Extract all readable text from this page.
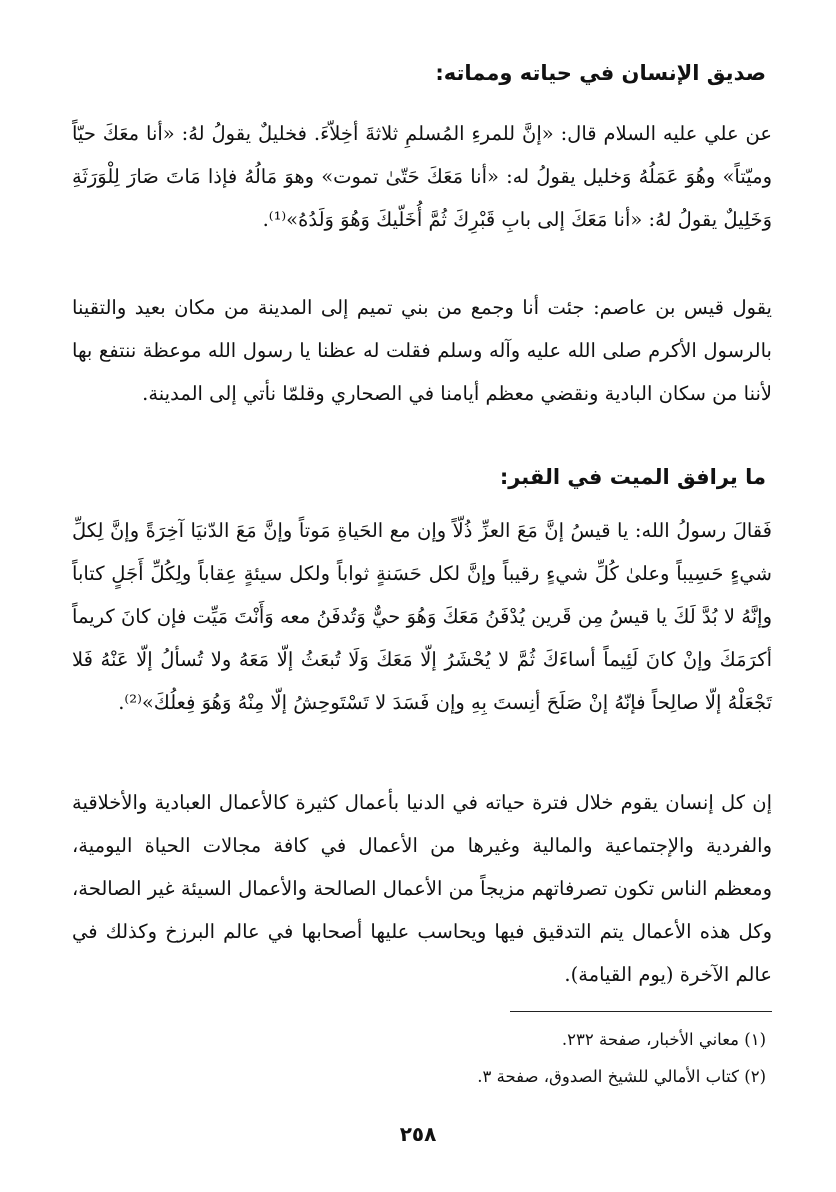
صديق الإنسان في حياته ومماته:
عن علي عليه السلام قال: «إنَّ للمرءِ المُسلمِ ثلاثةَ أخِلاّءَ. فخليلٌ يقولُ لهُ: «أنا معَكَ حيّاً وميّتاً» وهُوَ عَمَلُهُ وَخليل يقولُ له: «أنا مَعَكَ حَتّىٰ تموت» وهوَ مَالُهُ فإذا مَاتَ صَارَ لِلْوَرَثَةِ وَخَلِيلٌ يقولُ لهُ: «أنا مَعَكَ إلى بابِ قَبْرِكَ ثُمَّ أُخَلّيكَ وَهُوَ وَلَدُهُ»⁽¹⁾.
يقول قيس بن عاصم: جئت أنا وجمع من بني تميم إلى المدينة من مكان بعيد والتقينا بالرسول الأكرم صلى الله عليه وآله وسلم فقلت له عظنا يا رسول الله موعظة ننتفع بها لأننا من سكان البادية ونقضي معظم أيامنا في الصحاري وقلمّا نأتي إلى المدينة.
ما يرافق الميت في القبر:
فَقالَ رسولُ الله: يا قيسُ إنَّ مَعَ العزِّ ذُلّاً وإن مع الحَياةِ مَوتاً وإنَّ مَعَ الدّنيَا آخِرَةً وإنَّ لِكلِّ شيءٍ حَسِيباً وعلىٰ كُلِّ شيءٍ رقيباً وإنَّ لكل حَسَنةٍ ثواباً ولكل سيئةٍ عِقاباً ولِكُلِّ أَجَلٍ كتاباً وإنَّهُ لا بُدَّ لَكَ يا قيسُ مِن قَرين يُدْفَنُ مَعَكَ وَهُوَ حيٌّ وَتُدفَنُ معه وَأَنْتَ مَيِّت فإن كانَ كريماً أكرَمَكَ وإنْ كانَ لَئِيماً أساءَكَ ثُمَّ لا يُحْشَرُ إلّا مَعَكَ وَلَا تُبعَثُ إلّا مَعَهُ ولا تُسألُ إلّا عَنْهُ فَلا تَجْعَلْهُ إلّا صالِحاً فإنّهُ إنْ صَلَحَ أنِستَ بِهِ وإن فَسَدَ لا تَسْتَوحِشُ إلّا مِنْهُ وَهُوَ فِعلُكَ»⁽²⁾.
إن كل إنسان يقوم خلال فترة حياته في الدنيا بأعمال كثيرة كالأعمال العبادية والأخلاقية والفردية والإجتماعية والمالية وغيرها من الأعمال في كافة مجالات الحياة اليومية، ومعظم الناس تكون تصرفاتهم مزيجاً من الأعمال الصالحة والأعمال السيئة غير الصالحة، وكل هذه الأعمال يتم التدقيق فيها ويحاسب عليها أصحابها في عالم البرزخ وكذلك في عالم الآخرة (يوم القيامة).
(١) معاني الأخبار، صفحة ٢٣٢.
(٢) كتاب الأمالي للشيخ الصدوق، صفحة ٣.
٢٥٨
